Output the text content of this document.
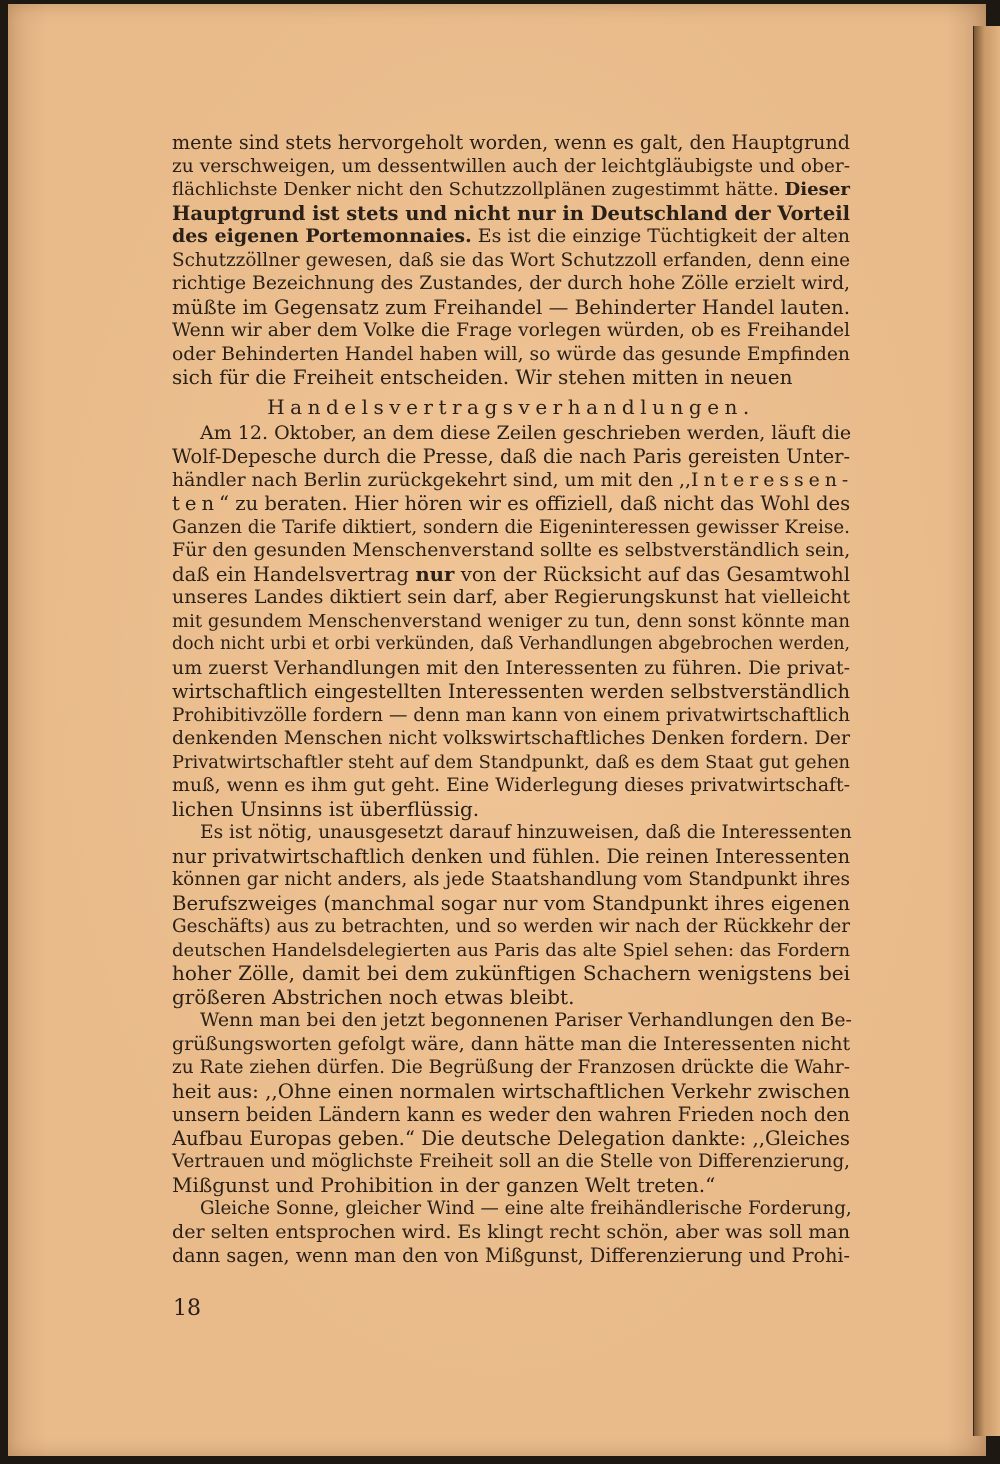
mente sind stets hervorgeholt worden, wenn es galt, den Hauptgrund
zu verschweigen, um dessentwillen auch der leichtgläubigste und ober-
flächlichste Denker nicht den Schutzzollplänen zugestimmt hätte. Dieser
Hauptgrund ist stets und nicht nur in Deutschland der Vorteil
des eigenen Portemonnaies. Es ist die einzige Tüchtigkeit der alten
Schutzzöllner gewesen, daß sie das Wort Schutzzoll erfanden, denn eine
richtige Bezeichnung des Zustandes, der durch hohe Zölle erzielt wird,
müßte im Gegensatz zum Freihandel — Behinderter Handel lauten.
Wenn wir aber dem Volke die Frage vorlegen würden, ob es Freihandel
oder Behinderten Handel haben will, so würde das gesunde Empfinden
sich für die Freiheit entscheiden. Wir stehen mitten in neuen
Handelsvertragsverhandlungen.
Am 12. Oktober, an dem diese Zeilen geschrieben werden, läuft die
Wolf-Depesche durch die Presse, daß die nach Paris gereisten Unter-
händler nach Berlin zurückgekehrt sind, um mit den ,,Interessen-
ten“ zu beraten. Hier hören wir es offiziell, daß nicht das Wohl des
Ganzen die Tarife diktiert, sondern die Eigeninteressen gewisser Kreise.
Für den gesunden Menschenverstand sollte es selbstverständlich sein,
daß ein Handelsvertrag nur von der Rücksicht auf das Gesamtwohl
unseres Landes diktiert sein darf, aber Regierungskunst hat vielleicht
mit gesundem Menschenverstand weniger zu tun, denn sonst könnte man
doch nicht urbi et orbi verkünden, daß Verhandlungen abgebrochen werden,
um zuerst Verhandlungen mit den Interessenten zu führen. Die privat-
wirtschaftlich eingestellten Interessenten werden selbstverständlich
Prohibitivzölle fordern — denn man kann von einem privatwirtschaftlich
denkenden Menschen nicht volkswirtschaftliches Denken fordern. Der
Privatwirtschaftler steht auf dem Standpunkt, daß es dem Staat gut gehen
muß, wenn es ihm gut geht. Eine Widerlegung dieses privatwirtschaft-
lichen Unsinns ist überflüssig.
Es ist nötig, unausgesetzt darauf hinzuweisen, daß die Interessenten
nur privatwirtschaftlich denken und fühlen. Die reinen Interessenten
können gar nicht anders, als jede Staatshandlung vom Standpunkt ihres
Berufszweiges (manchmal sogar nur vom Standpunkt ihres eigenen
Geschäfts) aus zu betrachten, und so werden wir nach der Rückkehr der
deutschen Handelsdelegierten aus Paris das alte Spiel sehen: das Fordern
hoher Zölle, damit bei dem zukünftigen Schachern wenigstens bei
größeren Abstrichen noch etwas bleibt.
Wenn man bei den jetzt begonnenen Pariser Verhandlungen den Be-
grüßungsworten gefolgt wäre, dann hätte man die Interessenten nicht
zu Rate ziehen dürfen. Die Begrüßung der Franzosen drückte die Wahr-
heit aus: ,,Ohne einen normalen wirtschaftlichen Verkehr zwischen
unsern beiden Ländern kann es weder den wahren Frieden noch den
Aufbau Europas geben.“ Die deutsche Delegation dankte: ,,Gleiches
Vertrauen und möglichste Freiheit soll an die Stelle von Differenzierung,
Mißgunst und Prohibition in der ganzen Welt treten.“
Gleiche Sonne, gleicher Wind — eine alte freihändlerische Forderung,
der selten entsprochen wird. Es klingt recht schön, aber was soll man
dann sagen, wenn man den von Mißgunst, Differenzierung und Prohi-
18
